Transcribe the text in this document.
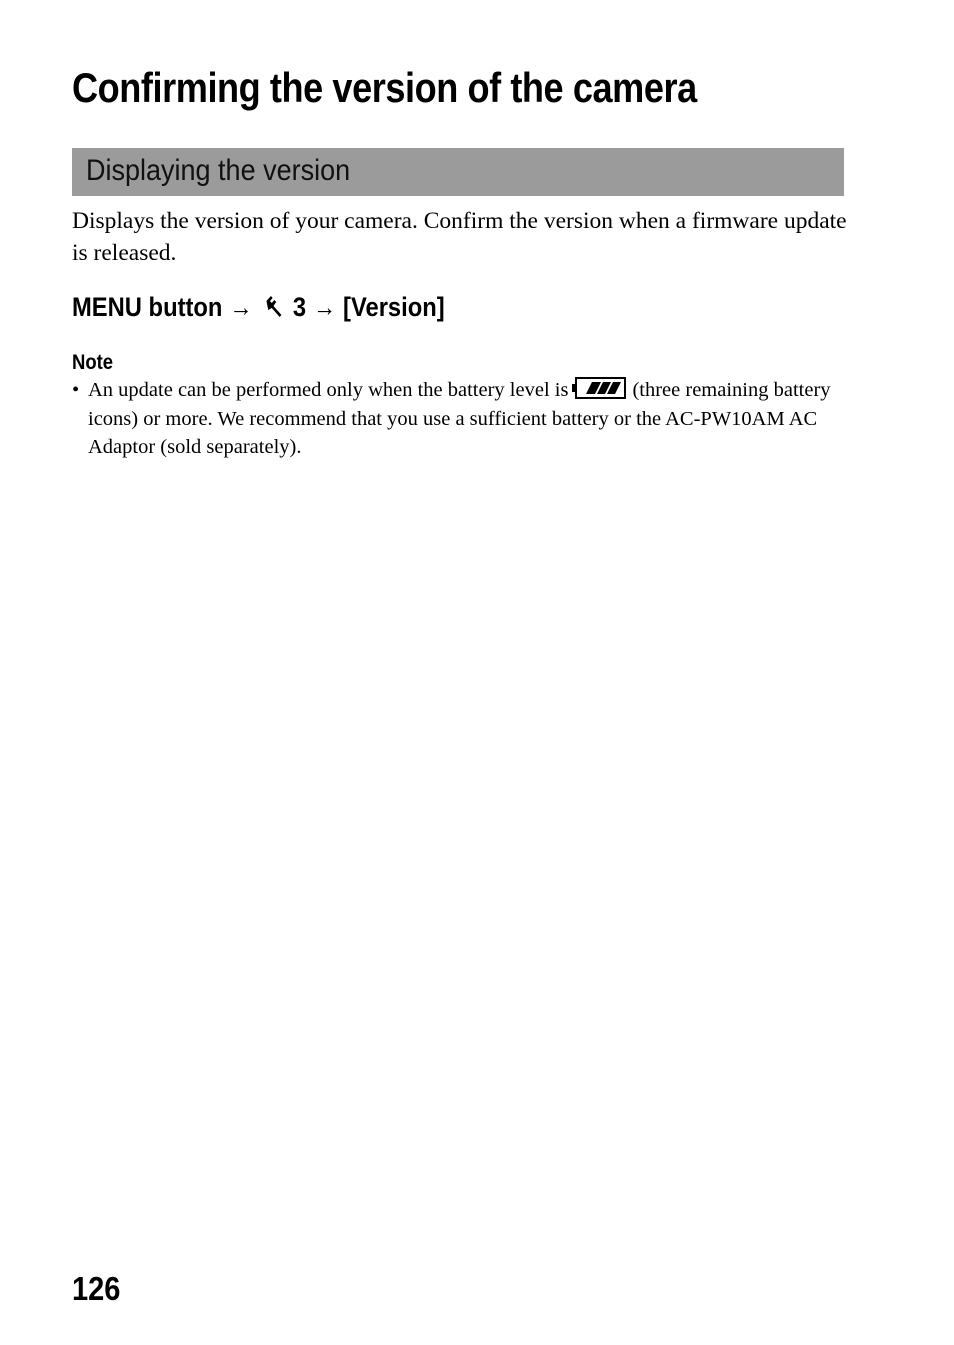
Confirming the version of the camera
Displaying the version

Displays the version of your camera. Confirm the version when a firmware update is released.

MENU button → 3 → [Version]
Note
• An update can be performed only when the battery level is	(three remaining battery icons) or more. We recommend that you use a sufficient battery or the AC-PW10AM AC Adaptor (sold separately).
126
